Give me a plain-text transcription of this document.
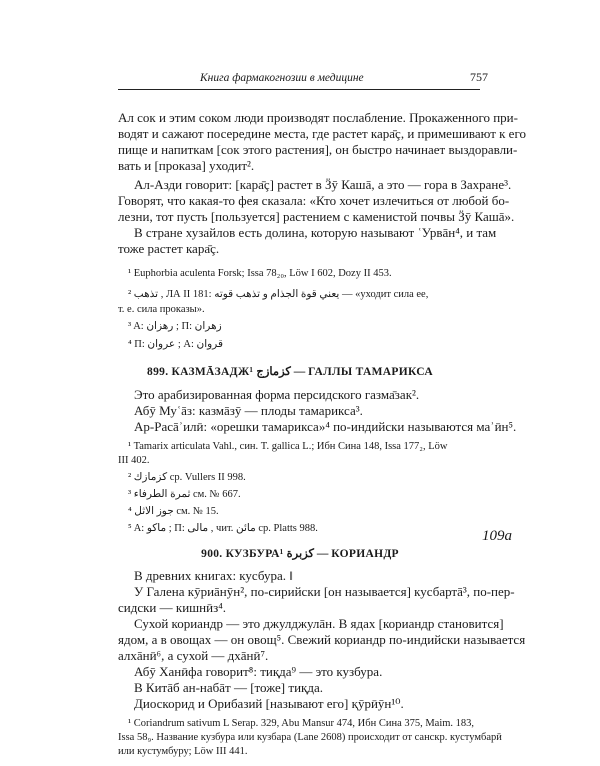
Книга фармакогнозии в медицине	757
109a
Ал сок и этим соком люди производят послабление. Прокаженного при-
водят и сажают посередине места, где растет кара̄ç, и примешивают к его
пище и напиткам [сок этого растения], он быстро начинает выздоравли-
вать и [проказа] уходит².
Ал-Азди говорит: [кара̄ç] растет в Ӟӯ Кашā, а это — гора в Захране³.
Говорят, что какая-то фея сказала: «Кто хочет излечиться от любой бо-
лезни, тот пусть [пользуется] растением с каменистой почвы Ӟӯ Кашā».
В стране хузайлов есть долина, которую называют ʿУрвāн⁴, и там
тоже растет кара̄ç.
¹ Euphorbia aculenta Forsk; Issa 78₂₀, Löw I 602, Dozy II 453.
² تذهب , ЛА II 181: يعني قوة الجذام و تذهب قوته — «уходит сила ее,
т. е. сила проказы».
³ A: رهزان ; П: زهران
⁴ П: عروان ; A: قروان
899. КАЗМĀЗАДЖ¹ كزمازج — ГАЛЛЫ ТАМАРИКСА
Это арабизированная форма персидского газма̄зак².
Абӯ Муʿāз: казмāзӯ — плоды тамарикса³.
Ар-Расāʾилӣ: «орешки тамарикса»⁴ по-индийски называются маʾӣн⁵.
¹ Tamarix articulata Vahl., син. T. gallica L.; Ибн Сина 148, Issa 177₂, Löw
III 402.
² كزمازك ср. Vullers II 998.
³ ثمرة الطرفاء см. № 667.
⁴ جوز الاثل см. № 15.
⁵ A: ماكو ; П: مالى , чит. مائن ср. Platts 988.
900. КУЗБУРА¹ كزبرة — КОРИАНДР
В древних книгах: кусбура. ‖
У Галена кӯриāнӯн², по-сирийски [он называется] кусбартā³, по-пер-
сидски — кишнӣз⁴.
Сухой кориандр — это джулджулāн. В ядах [кориандр становится]
ядом, а в овощах — он овощ⁵. Свежий кориандр по-индийски называется
алхāнӣ⁶, а сухой — дхāнӣ⁷.
Абӯ Ханӣфа говорит⁸: тиқда⁹ — это кузбура.
В Китāб ан-набāт — [тоже] тиқда.
Диоскорид и Орибазий [называют его] қӯрӣӯн¹⁰.
¹ Coriandrum sativum L Serap. 329, Abu Mansur 474, Ибн Сина 375, Maim. 183,
Issa 58₉. Название кузбура или кузбара (Lane 2608) происходит от санскр. кустумбарӣ
или кустумбуру; Löw III 441.
